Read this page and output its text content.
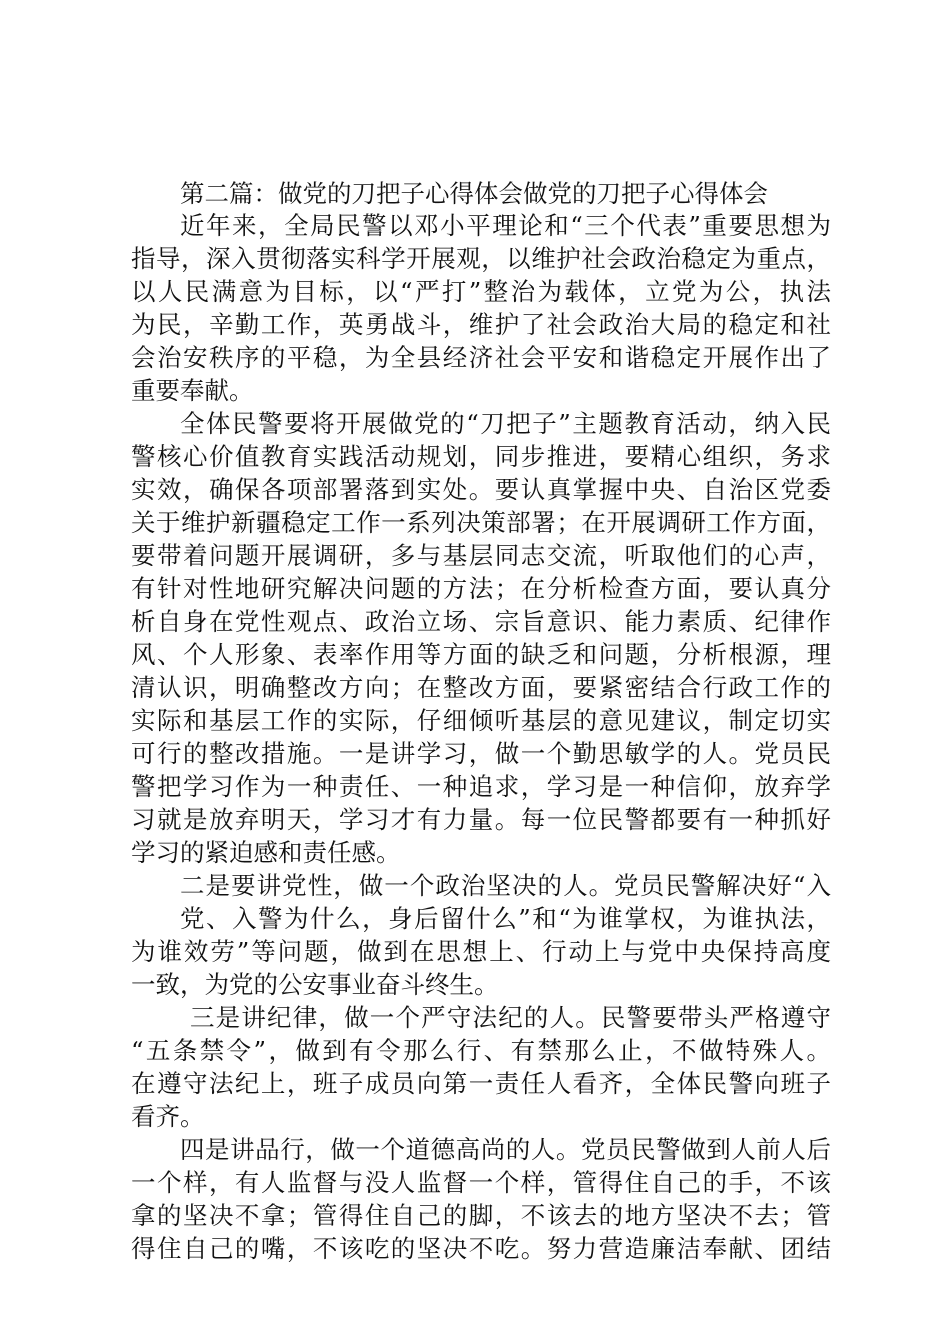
第二篇：做党的刀把子心得体会做党的刀把子心得体会

近年来，全局民警以邓小平理论和“三个代表”重要思想为

指导，深入贯彻落实科学开展观，以维护社会政治稳定为重点，

以人民满意为目标，以“严打”整治为载体，立党为公，执法

为民，辛勤工作，英勇战斗，维护了社会政治大局的稳定和社

会治安秩序的平稳，为全县经济社会平安和谐稳定开展作出了

重要奉献。

全体民警要将开展做党的“刀把子”主题教育活动，纳入民

警核心价值教育实践活动规划，同步推进，要精心组织，务求

实效，确保各项部署落到实处。要认真掌握中央、自治区党委

关于维护新疆稳定工作一系列决策部署；在开展调研工作方面，

要带着问题开展调研，多与基层同志交流，听取他们的心声，

有针对性地研究解决问题的方法；在分析检查方面，要认真分

析自身在党性观点、政治立场、宗旨意识、能力素质、纪律作

风、个人形象、表率作用等方面的缺乏和问题，分析根源，理

清认识，明确整改方向；在整改方面，要紧密结合行政工作的

实际和基层工作的实际，仔细倾听基层的意见建议，制定切实

可行的整改措施。一是讲学习，做一个勤思敏学的人。党员民

警把学习作为一种责任、一种追求，学习是一种信仰，放弃学

习就是放弃明天，学习才有力量。每一位民警都要有一种抓好

学习的紧迫感和责任感。

二是要讲党性，做一个政治坚决的人。党员民警解决好“入

党、入警为什么，身后留什么”和“为谁掌权，为谁执法，

为谁效劳”等问题，做到在思想上、行动上与党中央保持高度

一致，为党的公安事业奋斗终生。

三是讲纪律，做一个严守法纪的人。民警要带头严格遵守

“五条禁令”，做到有令那么行、有禁那么止，不做特殊人。

在遵守法纪上，班子成员向第一责任人看齐，全体民警向班子

看齐。

四是讲品行，做一个道德高尚的人。党员民警做到人前人后

一个样，有人监督与没人监督一个样，管得住自己的手，不该

拿的坚决不拿；管得住自己的脚，不该去的地方坚决不去；管

得住自己的嘴，不该吃的坚决不吃。努力营造廉洁奉献、团结
